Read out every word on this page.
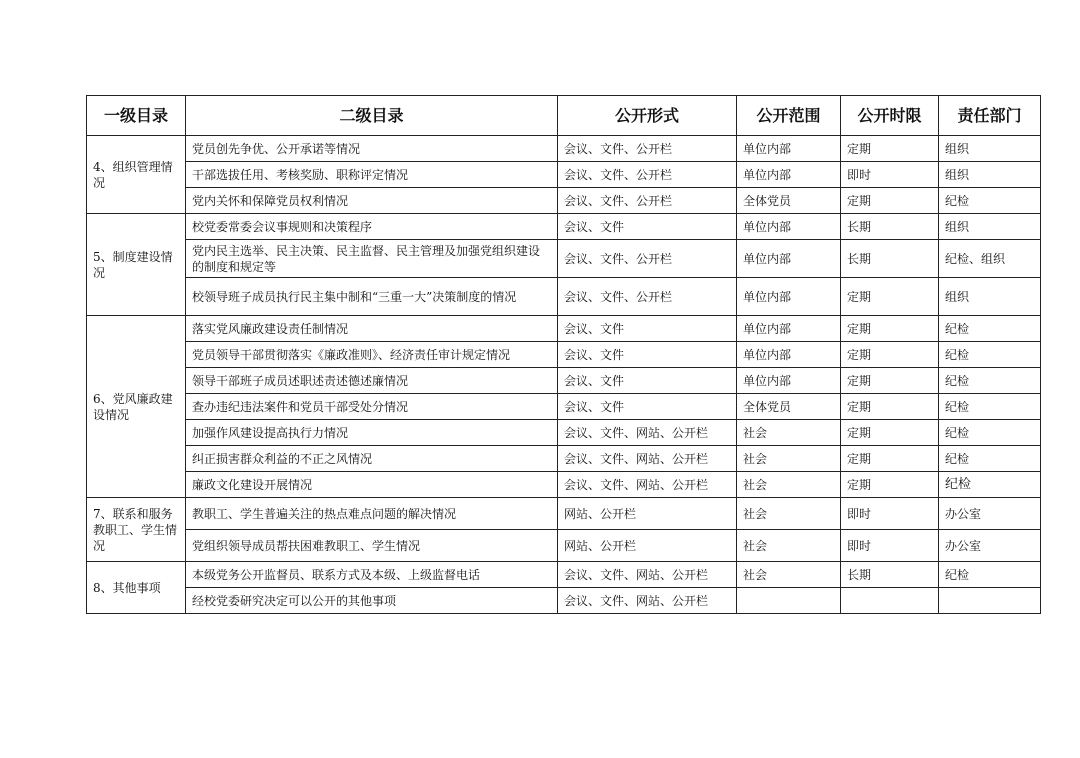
一级目录	二级目录	公开形式	公开范围	公开时限	责任部门
4、组织管理情况	党员创先争优、公开承诺等情况	会议、文件、公开栏	单位内部	定期	组织
	干部选拔任用、考核奖励、职称评定情况	会议、文件、公开栏	单位内部	即时	组织
	党内关怀和保障党员权利情况	会议、文件、公开栏	全体党员	定期	纪检
5、制度建设情况	校党委常委会议事规则和决策程序	会议、文件	单位内部	长期	组织
	党内民主选举、民主决策、民主监督、民主管理及加强党组织建设的制度和规定等	会议、文件、公开栏	单位内部	长期	纪检、组织
	校领导班子成员执行民主集中制和“三重一大”决策制度的情况	会议、文件、公开栏	单位内部	定期	组织
6、党风廉政建设情况	落实党风廉政建设责任制情况	会议、文件	单位内部	定期	纪检
	党员领导干部贯彻落实《廉政准则》、经济责任审计规定情况	会议、文件	单位内部	定期	纪检
	领导干部班子成员述职述责述德述廉情况	会议、文件	单位内部	定期	纪检
	查办违纪违法案件和党员干部受处分情况	会议、文件	全体党员	定期	纪检
	加强作风建设提高执行力情况	会议、文件、网站、公开栏	社会	定期	纪检
	纠正损害群众利益的不正之风情况	会议、文件、网站、公开栏	社会	定期	纪检
	廉政文化建设开展情况	会议、文件、网站、公开栏	社会	定期	纪检
7、联系和服务教职工、学生情况	教职工、学生普遍关注的热点难点问题的解决情况	网站、公开栏	社会	即时	办公室
	党组织领导成员帮扶困难教职工、学生情况	网站、公开栏	社会	即时	办公室
8、其他事项	本级党务公开监督员、联系方式及本级、上级监督电话	会议、文件、网站、公开栏	社会	长期	纪检
	经校党委研究决定可以公开的其他事项	会议、文件、网站、公开栏			
